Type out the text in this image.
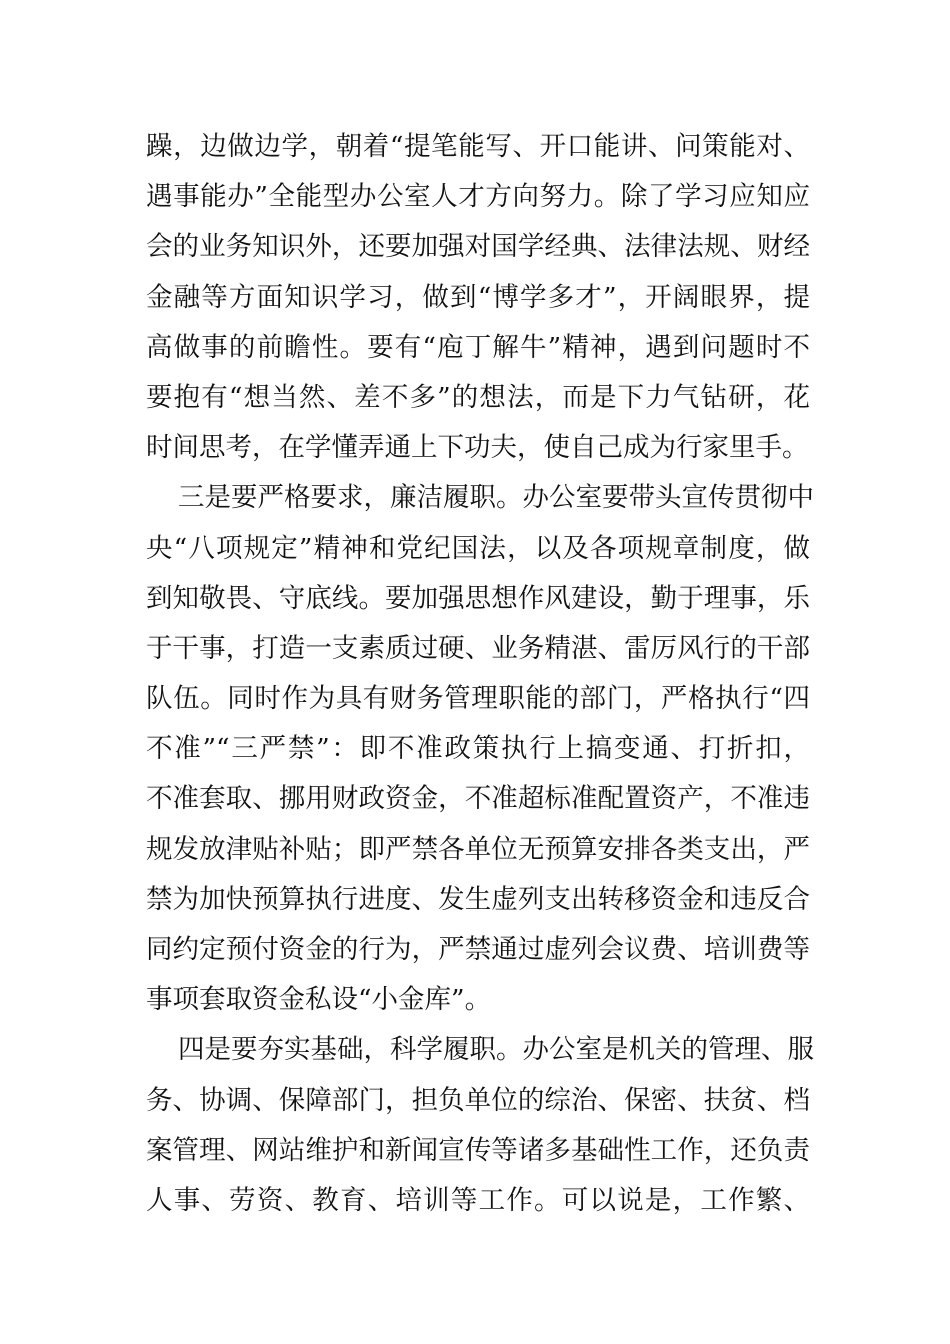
躁，边做边学，朝着“提笔能写、开口能讲、问策能对、
遇事能办”全能型办公室人才方向努力。除了学习应知应
会的业务知识外，还要加强对国学经典、法律法规、财经
金融等方面知识学习，做到“博学多才”，开阔眼界，提
高做事的前瞻性。要有“庖丁解牛”精神，遇到问题时不
要抱有“想当然、差不多”的想法，而是下力气钻研，花
时间思考，在学懂弄通上下功夫，使自己成为行家里手。
三是要严格要求，廉洁履职。办公室要带头宣传贯彻中
央“八项规定”精神和党纪国法，以及各项规章制度，做
到知敬畏、守底线。要加强思想作风建设，勤于理事，乐
于干事，打造一支素质过硬、业务精湛、雷厉风行的干部
队伍。同时作为具有财务管理职能的部门，严格执行“四
不准”“三严禁”：即不准政策执行上搞变通、打折扣，
不准套取、挪用财政资金，不准超标准配置资产，不准违
规发放津贴补贴；即严禁各单位无预算安排各类支出，严
禁为加快预算执行进度、发生虚列支出转移资金和违反合
同约定预付资金的行为，严禁通过虚列会议费、培训费等
事项套取资金私设“小金库”。
四是要夯实基础，科学履职。办公室是机关的管理、服
务、协调、保障部门，担负单位的综治、保密、扶贫、档
案管理、网站维护和新闻宣传等诸多基础性工作，还负责
人事、劳资、教育、培训等工作。可以说是，工作繁、
